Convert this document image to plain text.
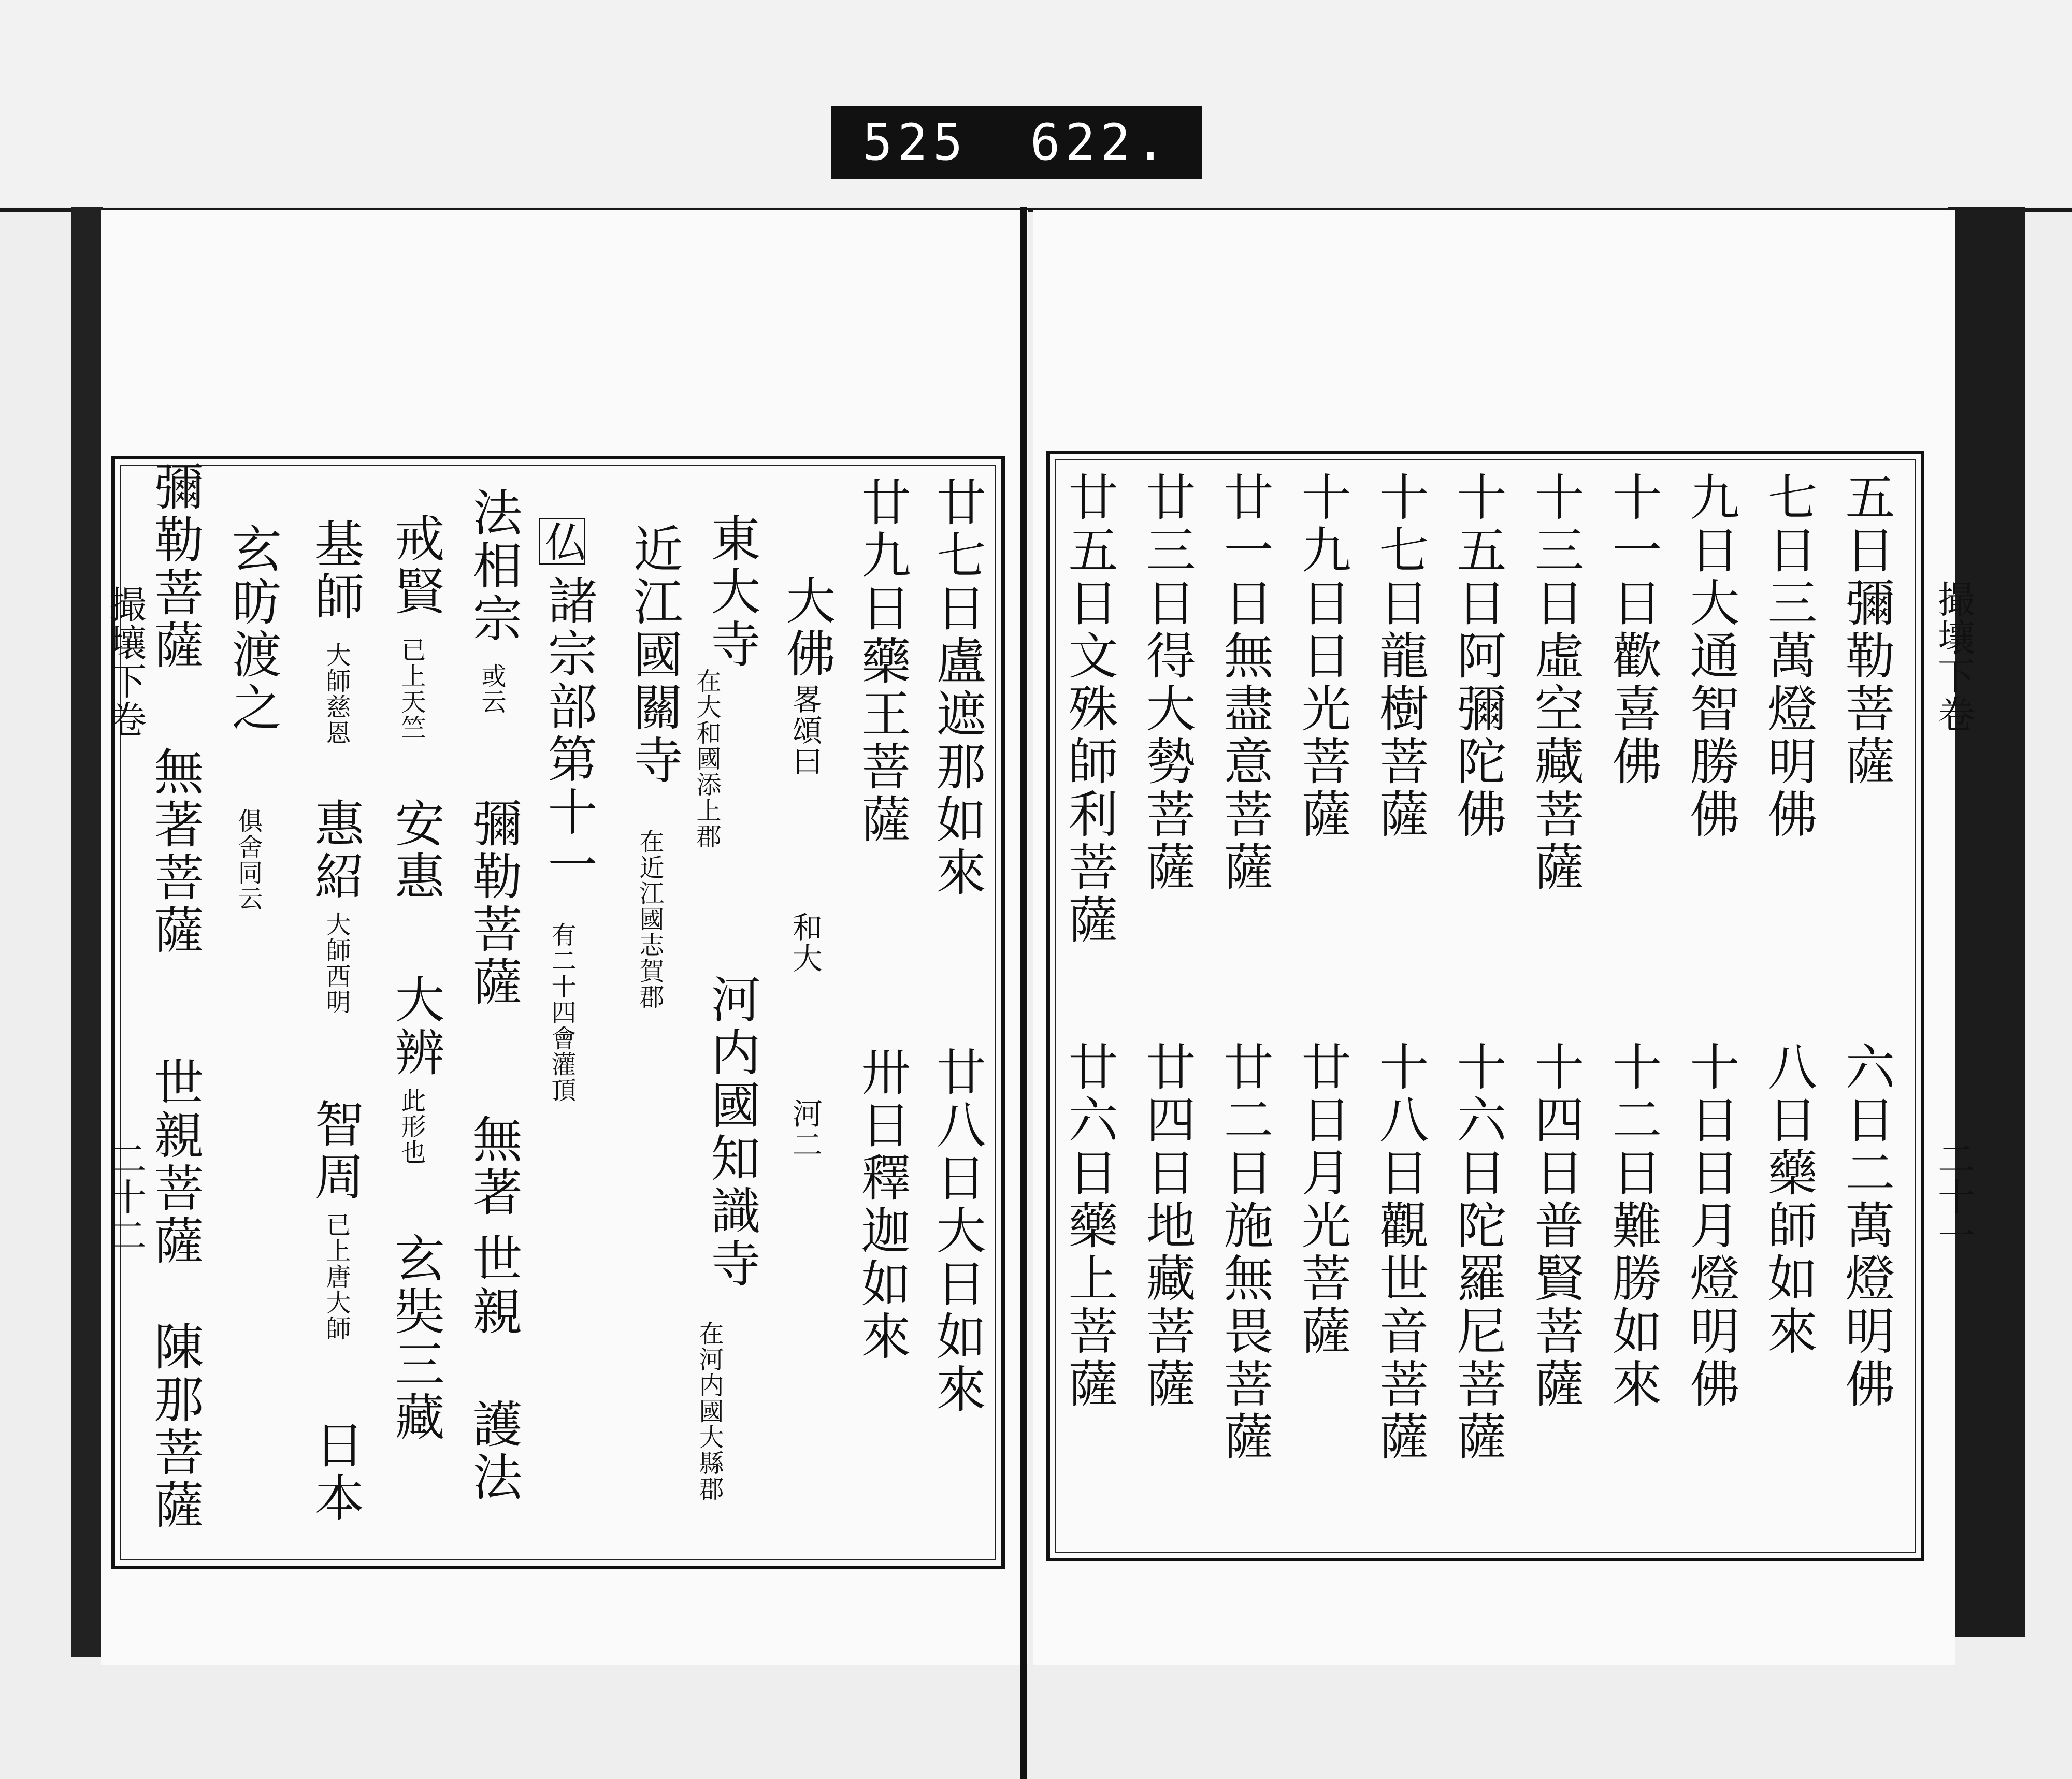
525 622.
撮壤下卷
二十一
五日彌勒菩薩
七日三萬燈明佛
九日大通智勝佛
十一日歡喜佛
十三日虛空藏菩薩
十五日阿彌陀佛
十七日龍樹菩薩
十九日日光菩薩
廿一日無盡意菩薩
廿三日得大勢菩薩
廿五日文殊師利菩薩
六日二萬燈明佛
八日藥師如來
十日日月燈明佛
十二日難勝如來
十四日普賢菩薩
十六日陀羅尼菩薩
十八日觀世音菩薩
廿日月光菩薩
廿二日施無畏菩薩
廿四日地藏菩薩
廿六日藥上菩薩
撮壤下卷
二十二
廿七日盧遮那如來
廿八日大日如來
廿九日藥王菩薩
卅日釋迦如來
大佛
畧頌曰
和大
河二
東大寺
在大和國添上郡
河内國知識寺
在河内國大縣郡
近江國關寺
在近江國志賀郡
仏
諸宗部第十一
有二十四會灌頂
法相宗
或云
彌勒菩薩
無著
世親
護法
戒賢
已上天竺
安惠
大辨
此形也
玄奘三藏
基師
大師慈恩
惠紹
大師西明
智周
已上唐大師
日本
玄昉渡之
俱舍同云
彌勒菩薩
無著菩薩
世親菩薩
陳那菩薩
